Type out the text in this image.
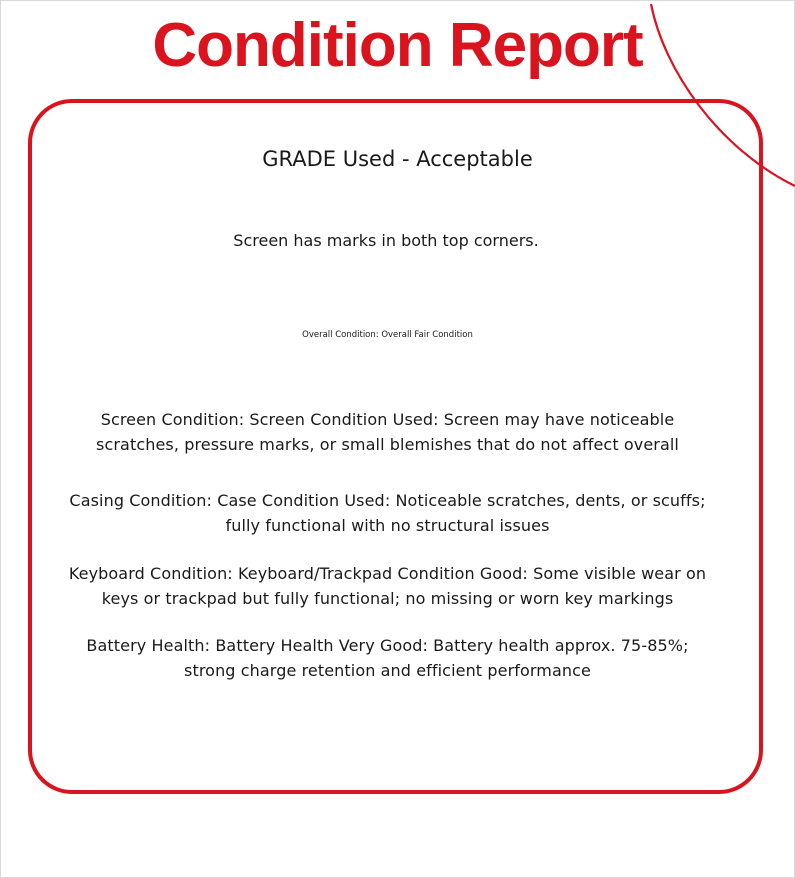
Condition Report
GRADE Used - Acceptable
Screen has marks in both top corners.
Overall Condition: Overall Fair Condition
Screen Condition: Screen Condition Used: Screen may have noticeable scratches, pressure marks, or small blemishes that do not affect overall
Casing Condition: Case Condition Used: Noticeable scratches, dents, or scuffs; fully functional with no structural issues
Keyboard Condition: Keyboard/Trackpad Condition Good: Some visible wear on keys or trackpad but fully functional; no missing or worn key markings
Battery Health: Battery Health Very Good: Battery health approx. 75-85%; strong charge retention and efficient performance
